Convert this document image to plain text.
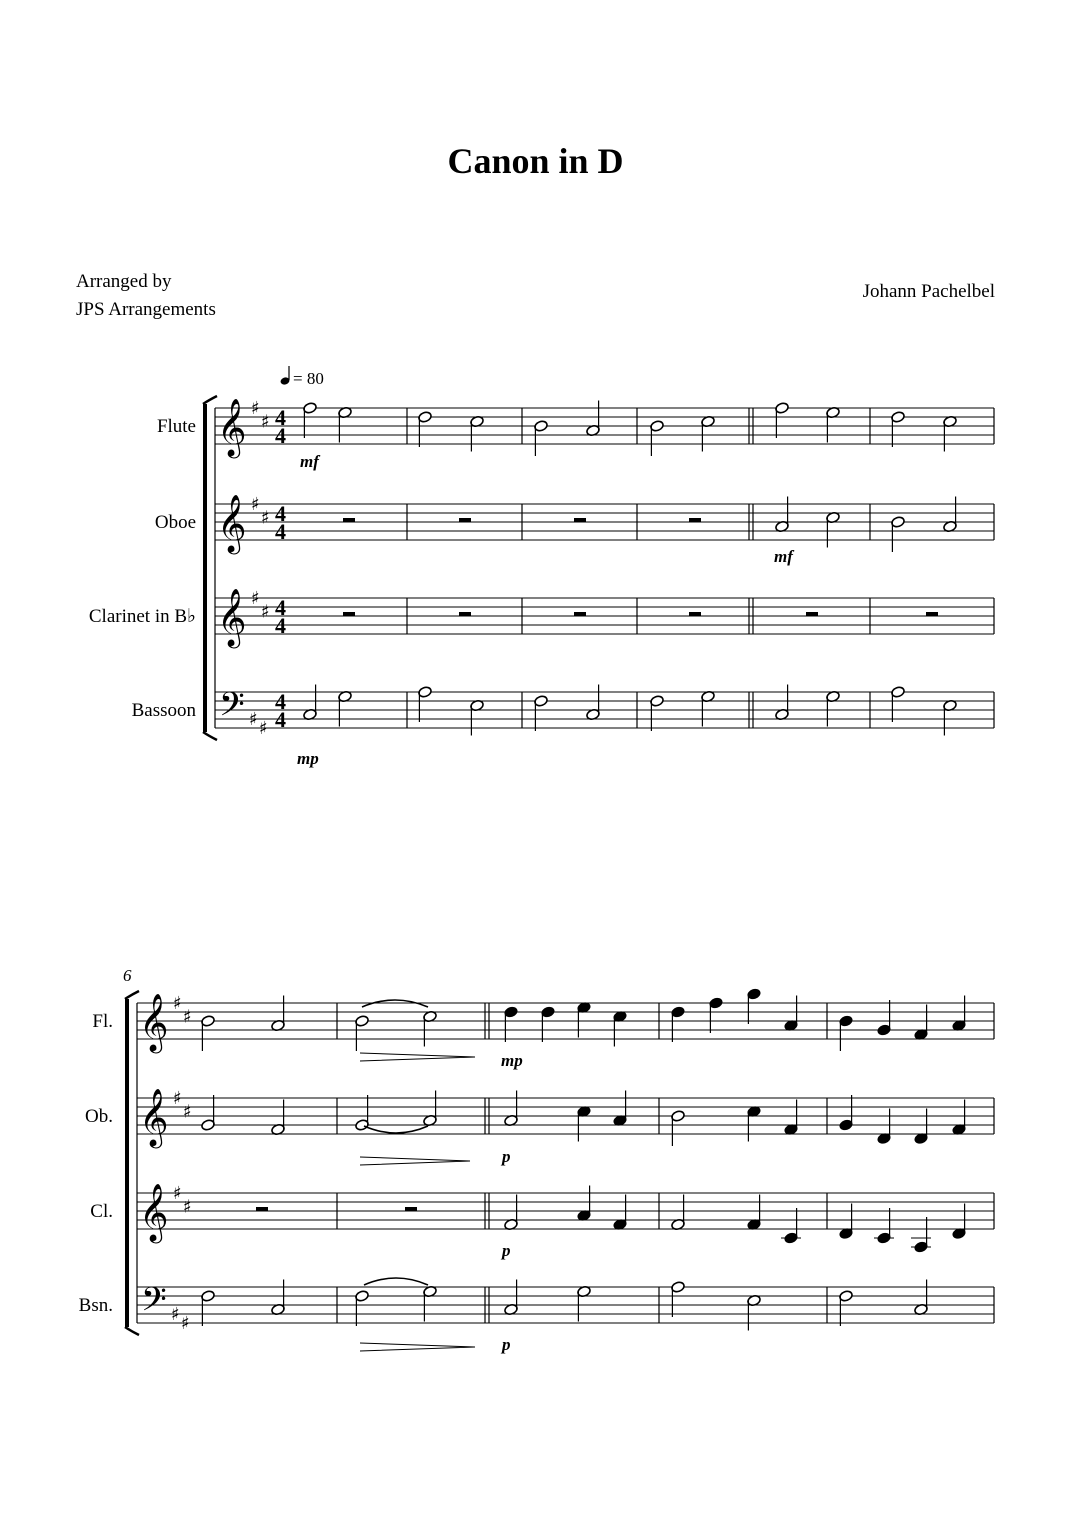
Canon in D
Arranged by
JPS Arrangements
Johann Pachelbel
= 80
𝄞 ♯
♯ 4
4
Flute
𝄞 ♯
♯ 4
4
Oboe
𝄞 ♯
♯ 4
4
Clarinet in B♭
𝄢 ♯ ♯
4
4
Bassoon
mf
mf
mp
𝄞 ♯
♯
Fl.
𝄞 ♯
♯
Ob.
𝄞 ♯
♯
Cl.
𝄢 ♯ ♯
Bsn.
mp
p
p
p
6
